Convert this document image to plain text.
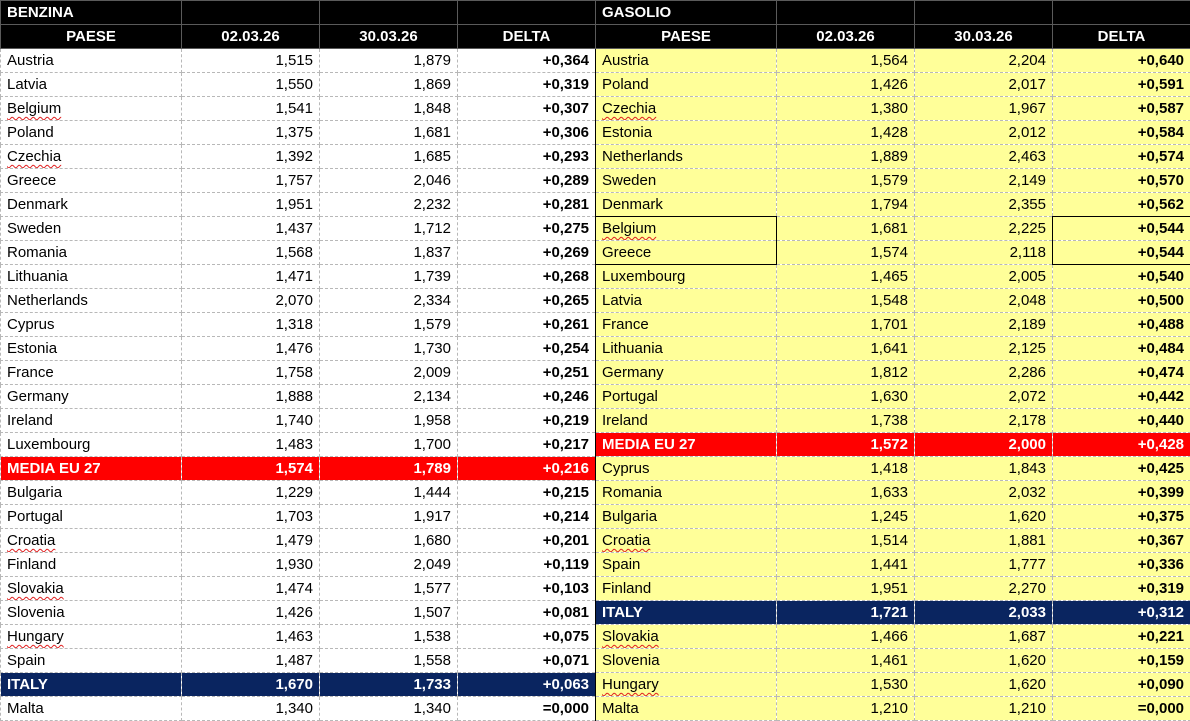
BENZINA				GASOLIO			
PAESE	02.03.26	30.03.26	DELTA	PAESE	02.03.26	30.03.26	DELTA
Austria	1,515	1,879	+0,364	Austria	1,564	2,204	+0,640
Latvia	1,550	1,869	+0,319	Poland	1,426	2,017	+0,591
Belgium	1,541	1,848	+0,307	Czechia	1,380	1,967	+0,587
Poland	1,375	1,681	+0,306	Estonia	1,428	2,012	+0,584
Czechia	1,392	1,685	+0,293	Netherlands	1,889	2,463	+0,574
Greece	1,757	2,046	+0,289	Sweden	1,579	2,149	+0,570
Denmark	1,951	2,232	+0,281	Denmark	1,794	2,355	+0,562
Sweden	1,437	1,712	+0,275	Belgium	1,681	2,225	+0,544
Romania	1,568	1,837	+0,269	Greece	1,574	2,118	+0,544
Lithuania	1,471	1,739	+0,268	Luxembourg	1,465	2,005	+0,540
Netherlands	2,070	2,334	+0,265	Latvia	1,548	2,048	+0,500
Cyprus	1,318	1,579	+0,261	France	1,701	2,189	+0,488
Estonia	1,476	1,730	+0,254	Lithuania	1,641	2,125	+0,484
France	1,758	2,009	+0,251	Germany	1,812	2,286	+0,474
Germany	1,888	2,134	+0,246	Portugal	1,630	2,072	+0,442
Ireland	1,740	1,958	+0,219	Ireland	1,738	2,178	+0,440
Luxembourg	1,483	1,700	+0,217	MEDIA EU 27	1,572	2,000	+0,428
MEDIA EU 27	1,574	1,789	+0,216	Cyprus	1,418	1,843	+0,425
Bulgaria	1,229	1,444	+0,215	Romania	1,633	2,032	+0,399
Portugal	1,703	1,917	+0,214	Bulgaria	1,245	1,620	+0,375
Croatia	1,479	1,680	+0,201	Croatia	1,514	1,881	+0,367
Finland	1,930	2,049	+0,119	Spain	1,441	1,777	+0,336
Slovakia	1,474	1,577	+0,103	Finland	1,951	2,270	+0,319
Slovenia	1,426	1,507	+0,081	ITALY	1,721	2,033	+0,312
Hungary	1,463	1,538	+0,075	Slovakia	1,466	1,687	+0,221
Spain	1,487	1,558	+0,071	Slovenia	1,461	1,620	+0,159
ITALY	1,670	1,733	+0,063	Hungary	1,530	1,620	+0,090
Malta	1,340	1,340	=0,000	Malta	1,210	1,210	=0,000
